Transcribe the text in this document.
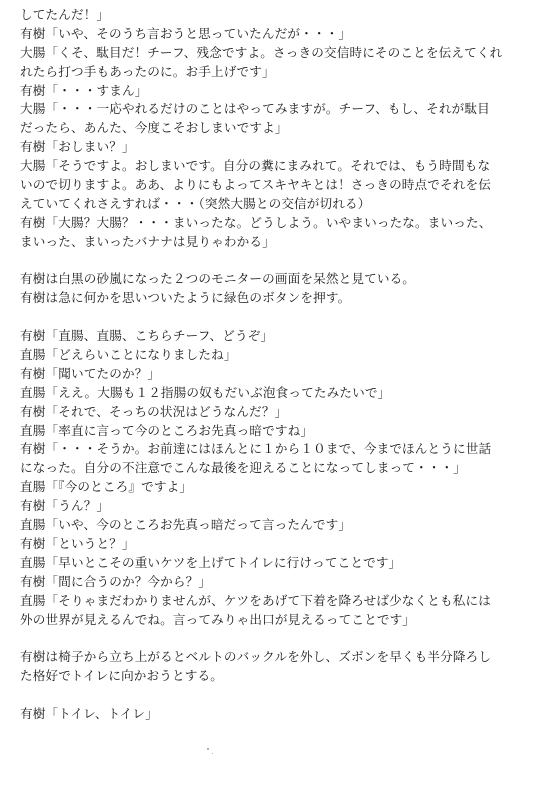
してたんだ！」
有樹「いや、そのうち言おうと思っていたんだが・・・」
大腸「くそ、駄目だ！チーフ、残念ですよ。さっきの交信時にそのことを伝えてくれ
れたら打つ手もあったのに。お手上げです」
有樹「・・・すまん」
大腸「・・・一応やれるだけのことはやってみますが。チーフ、もし、それが駄目
だったら、あんた、今度こそおしまいですよ」
有樹「おしまい？」
大腸「そうですよ。おしまいです。自分の糞にまみれて。それでは、もう時間もな
いので切りますよ。ああ、よりにもよってスキヤキとは！さっきの時点でそれを伝
えていてくれさえすれば・・・（突然大腸との交信が切れる）
有樹「大腸？大腸？・・・まいったな。どうしよう。いやまいったな。まいった、
まいった、まいったバナナは見りゃわかる」
有樹は白黒の砂嵐になった２つのモニターの画面を呆然と見ている。
有樹は急に何かを思いついたように緑色のボタンを押す。
有樹「直腸、直腸、こちらチーフ、どうぞ」
直腸「どえらいことになりましたね」
有樹「聞いてたのか？」
直腸「ええ。大腸も１２指腸の奴もだいぶ泡食ってたみたいで」
有樹「それで、そっちの状況はどうなんだ？」
直腸「率直に言って今のところお先真っ暗ですね」
有樹「・・・そうか。お前達にはほんとに１から１０まで、今までほんとうに世話
になった。自分の不注意でこんな最後を迎えることになってしまって・・・」
直腸「『今のところ』ですよ」
有樹「うん？」
直腸「いや、今のところお先真っ暗だって言ったんです」
有樹「というと？」
直腸「早いとこその重いケツを上げてトイレに行けってことです」
有樹「間に合うのか？今から？」
直腸「そりゃまだわかりませんが、ケツをあげて下着を降ろせば少なくとも私には
外の世界が見えるんでね。言ってみりゃ出口が見えるってことです」
有樹は椅子から立ち上がるとベルトのバックルを外し、ズボンを早くも半分降ろし
た格好でトイレに向かおうとする。
有樹「トイレ、トイレ」
